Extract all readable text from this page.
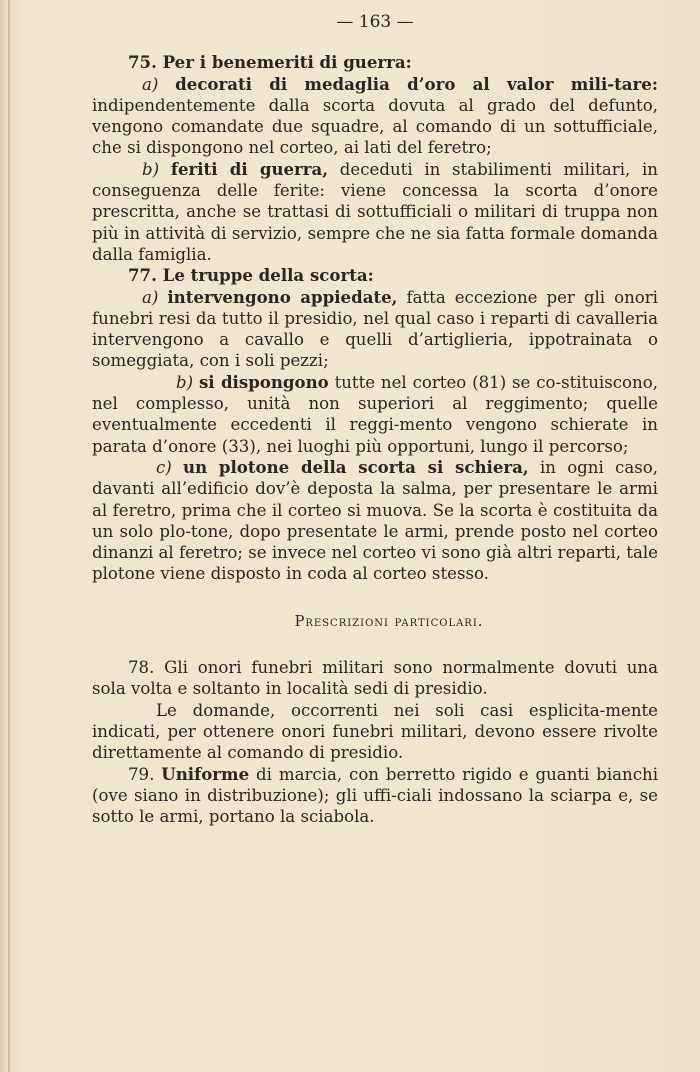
— 163 —

75. Per i benemeriti di guerra:

a) decorati di medaglia d’oro al valor mili-tare: indipendentemente dalla scorta dovuta al grado del defunto, vengono comandate due squadre, al comando di un sottufficiale, che si dispongono nel corteo, ai lati del feretro;

b) feriti di guerra, deceduti in stabilimenti militari, in conseguenza delle ferite: viene concessa la scorta d’onore prescritta, anche se trattasi di sottufficiali o militari di truppa non più in attività di servizio, sempre che ne sia fatta formale domanda dalla famiglia.

77. Le truppe della scorta:

a) intervengono appiedate, fatta eccezione per gli onori funebri resi da tutto il presidio, nel qual caso i reparti di cavalleria intervengono a cavallo e quelli d’artiglieria, ippotrainata o someggiata, con i soli pezzi;

b) si dispongono tutte nel corteo (81) se co-stituiscono, nel complesso, unità non superiori al reggimento; quelle eventualmente eccedenti il reggi-mento vengono schierate in parata d’onore (33), nei luoghi più opportuni, lungo il percorso;

c) un plotone della scorta si schiera, in ogni caso, davanti all’edificio dov’è deposta la salma, per presentare le armi al feretro, prima che il corteo si muova. Se la scorta è costituita da un solo plo-tone, dopo presentate le armi, prende posto nel corteo dinanzi al feretro; se invece nel corteo vi sono già altri reparti, tale plotone viene disposto in coda al corteo stesso.

Prescrizioni particolari.

78. Gli onori funebri militari sono normalmente dovuti una sola volta e soltanto in località sedi di presidio.

Le domande, occorrenti nei soli casi esplicita-mente indicati, per ottenere onori funebri militari, devono essere rivolte direttamente al comando di presidio.

79. Uniforme di marcia, con berretto rigido e guanti bianchi (ove siano in distribuzione); gli uffi-ciali indossano la sciarpa e, se sotto le armi, portano la sciabola.
